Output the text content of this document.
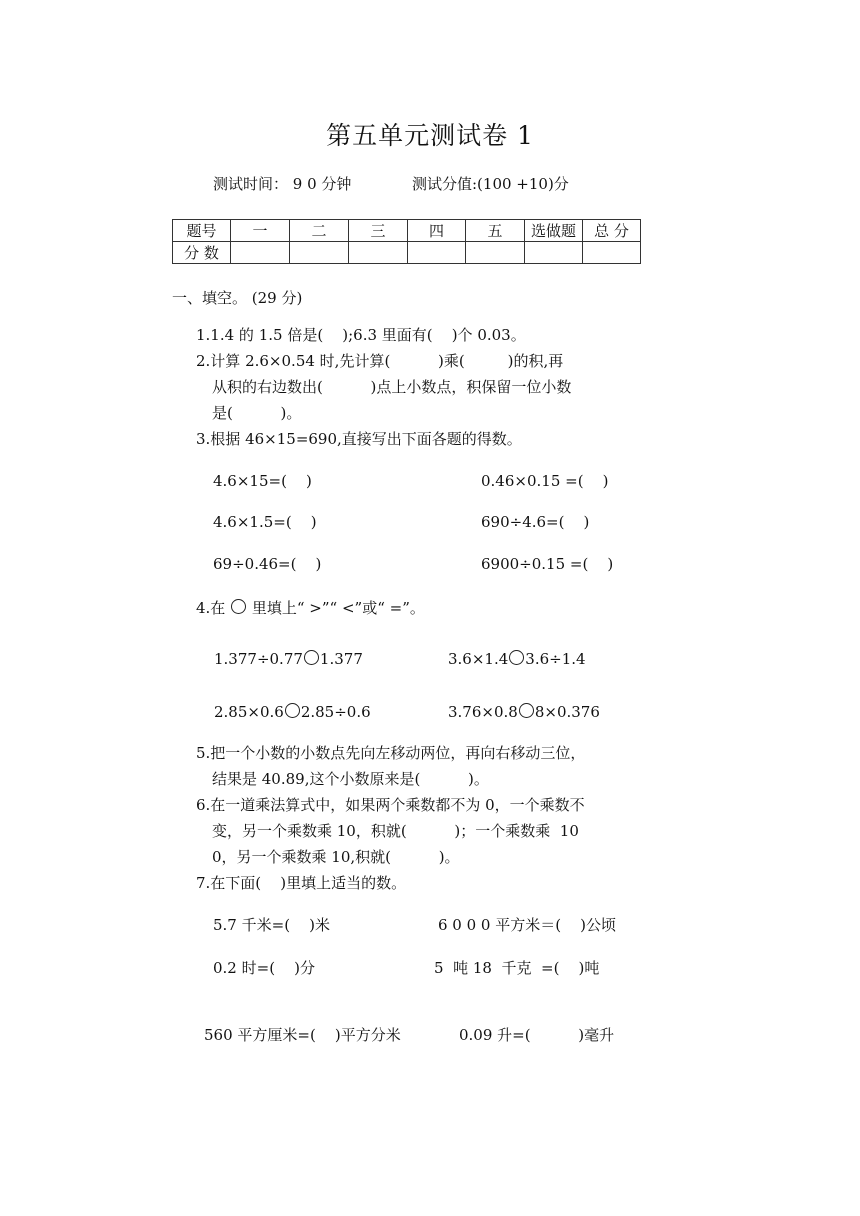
第五单元测试卷 1
测试时间： 9 0 分钟	测试分值:(100 +10)分
题号	一	二	三	四	五	选做题	总 分
分 数							
一、填空。 (29 分)
1.1.4 的 1.5 倍是(    );6.3 里面有(    )个 0.03。
2.计算 2.6×0.54 时,先计算(          )乘(         )的积,再
从积的右边数出(          )点上小数点，积保留一位小数
是(          )。
3.根据 46×15=690,直接写出下面各题的得数。
4.6×15=(    )	0.46×0.15 =(    )
4.6×1.5=(    )	690÷4.6=(    )
69÷0.46=(    )	6900÷0.15 =(    )
4.在  里填上“ >”“ <”或“ =”。
1.377÷0.77 1.377	3.6×1.4 3.6÷1.4
2.85×0.6 2.85÷0.6	3.76×0.8 8×0.376
5.把一个小数的小数点先向左移动两位，再向右移动三位，
结果是 40.89,这个小数原来是(          )。
6.在一道乘法算式中，如果两个乘数都不为 0，一个乘数不
变，另一个乘数乘 10，积就(          )；一个乘数乘  10
0，另一个乘数乘 10,积就(          )。
7.在下面(    )里填上适当的数。
5.7 千米=(    )米	6 0 0 0 平方米＝(    )公顷
0.2 时=(    )分	5  吨 18  千克  =(    )吨
560 平方厘米=(    )平方分米	0.09 升=(          )毫升
